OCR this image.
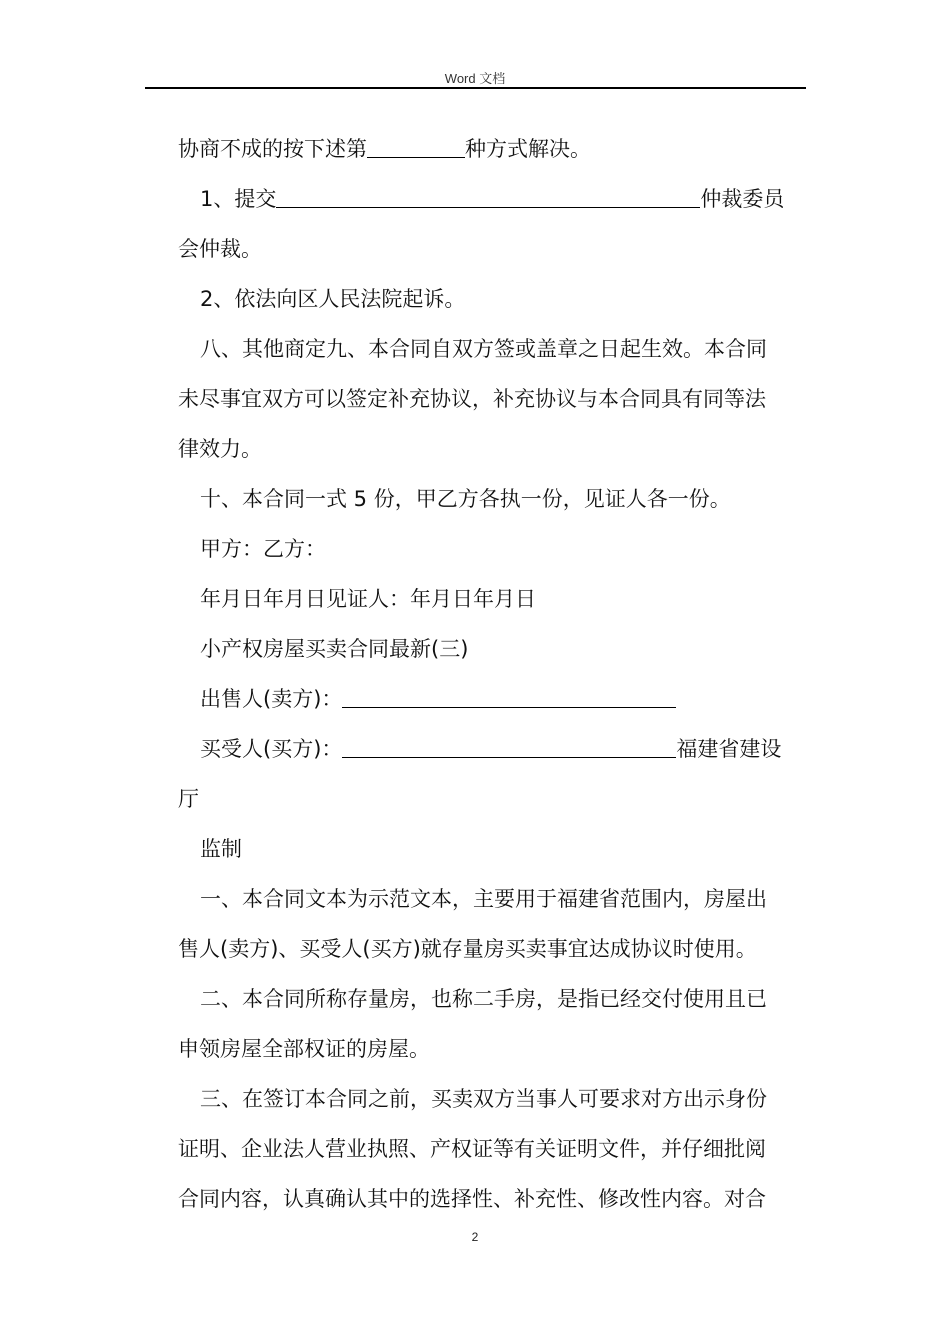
Word 文档
协商不成的按下述第	种方式解决。
1、提交	仲裁委员
会仲裁。
2、依法向区人民法院起诉。
八、其他商定九、本合同自双方签或盖章之日起生效。本合同
未尽事宜双方可以签定补充协议，补充协议与本合同具有同等法
律效力。
十、本合同一式 5 份，甲乙方各执一份，见证人各一份。
甲方：乙方：
年月日年月日见证人：年月日年月日
小产权房屋买卖合同最新(三)
出售人(卖方)：
买受人(买方)：	福建省建设
厅
监制
一、本合同文本为示范文本，主要用于福建省范围内，房屋出
售人(卖方)、买受人(买方)就存量房买卖事宜达成协议时使用。
二、本合同所称存量房，也称二手房，是指已经交付使用且已
申领房屋全部权证的房屋。
三、在签订本合同之前，买卖双方当事人可要求对方出示身份
证明、企业法人营业执照、产权证等有关证明文件，并仔细批阅
合同内容，认真确认其中的选择性、补充性、修改性内容。对合
2
